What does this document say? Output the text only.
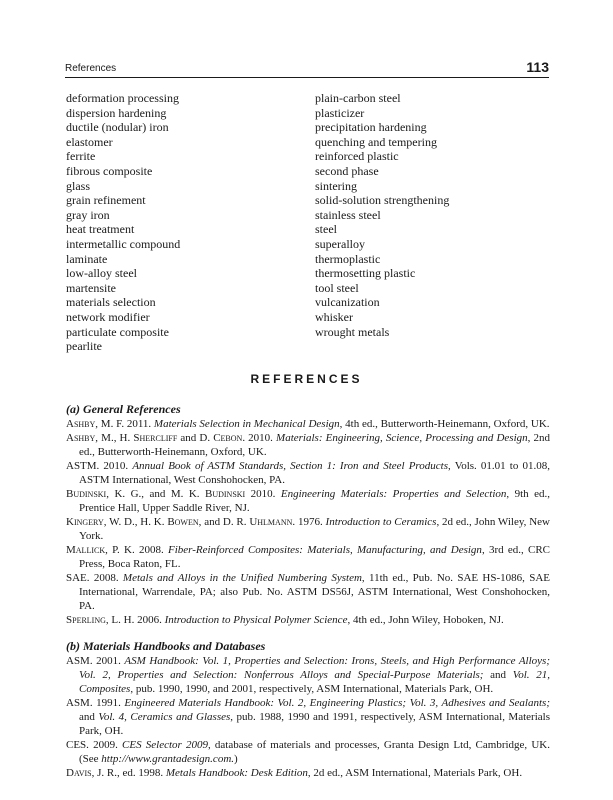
References	113
deformation processing
dispersion hardening
ductile (nodular) iron
elastomer
ferrite
fibrous composite
glass
grain refinement
gray iron
heat treatment
intermetallic compound
laminate
low-alloy steel
martensite
materials selection
network modifier
particulate composite
pearlite
plain-carbon steel
plasticizer
precipitation hardening
quenching and tempering
reinforced plastic
second phase
sintering
solid-solution strengthening
stainless steel
steel
superalloy
thermoplastic
thermosetting plastic
tool steel
vulcanization
whisker
wrought metals
REFERENCES
(a) General References
Ashby, M. F. 2011. Materials Selection in Mechanical Design, 4th ed., Butterworth-Heinemann, Oxford, UK.
Ashby, M., H. Shercliff and D. Cebon. 2010. Materials: Engineering, Science, Processing and Design, 2nd ed., Butterworth-Heinemann, Oxford, UK.
ASTM. 2010. Annual Book of ASTM Standards, Section 1: Iron and Steel Products, Vols. 01.01 to 01.08, ASTM International, West Conshohocken, PA.
Budinski, K. G., and M. K. Budinski 2010. Engineering Materials: Properties and Selection, 9th ed., Prentice Hall, Upper Saddle River, NJ.
Kingery, W. D., H. K. Bowen, and D. R. Uhlmann. 1976. Introduction to Ceramics, 2d ed., John Wiley, New York.
Mallick, P. K. 2008. Fiber-Reinforced Composites: Materials, Manufacturing, and Design, 3rd ed., CRC Press, Boca Raton, FL.
SAE. 2008. Metals and Alloys in the Unified Numbering System, 11th ed., Pub. No. SAE HS-1086, SAE International, Warrendale, PA; also Pub. No. ASTM DS56J, ASTM International, West Conshohocken, PA.
Sperling, L. H. 2006. Introduction to Physical Polymer Science, 4th ed., John Wiley, Hoboken, NJ.
(b) Materials Handbooks and Databases
ASM. 2001. ASM Handbook: Vol. 1, Properties and Selection: Irons, Steels, and High Performance Alloys; Vol. 2, Properties and Selection: Nonferrous Alloys and Special-Purpose Materials; and Vol. 21, Composites, pub. 1990, 1990, and 2001, respectively, ASM International, Materials Park, OH.
ASM. 1991. Engineered Materials Handbook: Vol. 2, Engineering Plastics; Vol. 3, Adhesives and Sealants; and Vol. 4, Ceramics and Glasses, pub. 1988, 1990 and 1991, respectively, ASM International, Materials Park, OH.
CES. 2009. CES Selector 2009, database of materials and processes, Granta Design Ltd, Cambridge, UK. (See http://www.grantadesign.com.)
Davis, J. R., ed. 1998. Metals Handbook: Desk Edition, 2d ed., ASM International, Materials Park, OH.
